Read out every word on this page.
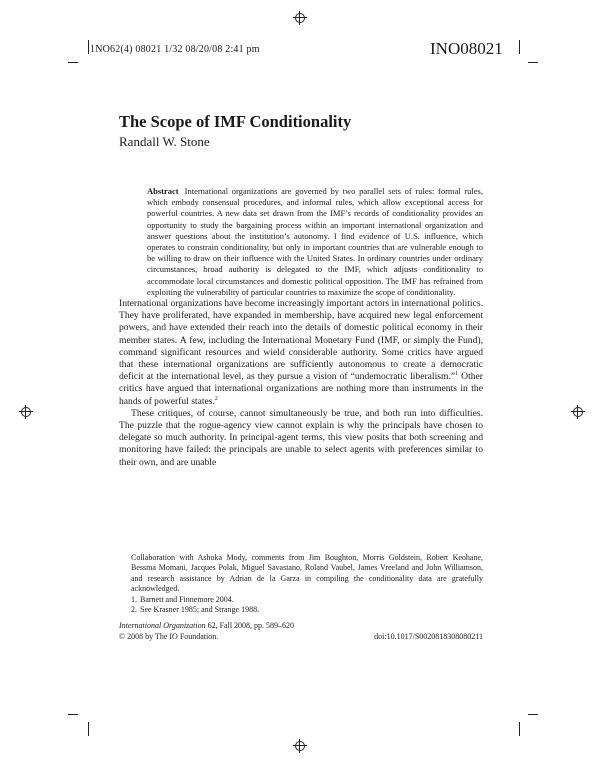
1NO62(4) 08021 1/32 08/20/08 2:41 pm	INO08021
The Scope of IMF Conditionality
Randall W. Stone
Abstract International organizations are governed by two parallel sets of rules: formal rules, which embody consensual procedures, and informal rules, which allow exceptional access for powerful countries. A new data set drawn from the IMF’s records of conditionality provides an opportunity to study the bargaining process within an important international organization and answer questions about the institution’s autonomy. I find evidence of U.S. influence, which operates to constrain conditionality, but only in important countries that are vulnerable enough to be willing to draw on their influence with the United States. In ordinary countries under ordinary circumstances, broad authority is delegated to the IMF, which adjusts conditionality to accommodate local circumstances and domestic political opposition. The IMF has refrained from exploiting the vulnerability of particular countries to maximize the scope of conditionality.

International organizations have become increasingly important actors in international politics. They have proliferated, have expanded in membership, have acquired new legal enforcement powers, and have extended their reach into the details of domestic political economy in their member states. A few, including the International Monetary Fund (IMF, or simply the Fund), command significant resources and wield considerable authority. Some critics have argued that these international organizations are sufficiently autonomous to create a democratic deficit at the international level, as they pursue a vision of “undemocratic liberalism.”$^1$ Other critics have argued that international organizations are nothing more than instruments in the hands of powerful states.$^2$

These critiques, of course, cannot simultaneously be true, and both run into difficulties. The puzzle that the rogue-agency view cannot explain is why the principals have chosen to delegate so much authority. In principal-agent terms, this view posits that both screening and monitoring have failed: the principals are unable to select agents with preferences similar to their own, and are unable

Collaboration with Ashoka Mody, comments from Jim Boughton, Morris Goldstein, Robert Keohane, Bessma Momani, Jacques Polak, Miguel Savastano, Roland Vaubel, James Vreeland and John Williamson, and research assistance by Adrian de la Garza in compiling the conditionality data are gratefully acknowledged.

1. Barnett and Finnemore 2004.

2. See Krasner 1985; and Strange 1988.

International Organization 62, Fall 2008, pp. 589–620
© 2008 by The IO Foundation.	doi:10.1017/S0020818308080211
